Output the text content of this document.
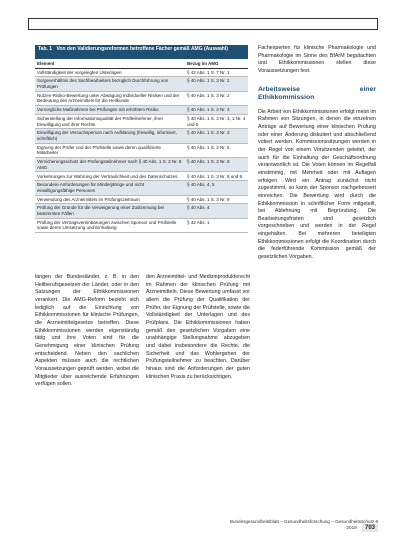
Tab. 1 Von den Validierungsreformen betroffene Fächer gemäß AMG (Auswahl)
Element	Bezug im AMG
Vollständigkeit der vorgelegten Unterlagen	§ 42 Abs. 1 S. 7 Nr. 1
Sorgeverhältnis des Sachbearbeiters bezüglich Durchführung von Prüfungen	§ 40 Abs. 1 S. 3 Nr. 2
Nutzen-Risiko-Bewertung unter Abwägung individueller Risiken und der Bedeutung des Arzneimittels für die Heilkunde	§ 40 Abs. 1 S. 3 Nr. 2
Vorsorgliche Maßnahmen bei Prüfungen mit erhöhtem Risiko	§ 40 Abs. 1 S. 3 Nr. 3
Sicherstellung der Informationsqualität der Prüfteilnehmer, ihrer Einwilligung und ihrer Rechte	§ 40 Abs. 1 S. 3 Nr. 3, 1 Nr. 4 und 5
Einwilligung der Versuchsperson nach Aufklärung (freiwillig, informiert, schriftlich)	§ 40 Abs. 1 S. 3 Nr. 3
Eignung der Prüfer und der Prüfstelle sowie deren qualifizierte Mitarbeiter	§ 40 Abs. 1 S. 3 Nr. 5
Versicherungsschutz der Prüfungsteilnehmer nach § 40 Abs. 1 S. 3 Nr. 8 AMG	§ 40 Abs. 1 S. 3 Nr. 8
Vorkehrungen zur Wahrung der Vertraulichkeit und des Datenschutzes	§ 40 Abs. 1 S. 3 Nr. 8 und 9
Besondere Anforderungen für Minderjährige und nicht einwilligungsfähige Personen	§ 40 Abs. 4, 5
Verwendung des Arzneimittels im Prüfungszeitraum	§ 40 Abs. 1 S. 3 Nr. 9
Prüfung der Gründe für die Verweigerung einer Zustimmung bei bestimmten Fällen	§ 40 Abs. 4
Prüfung der Vertragsvereinbarungen zwischen Sponsor und Prüfstelle sowie deren Umsetzung und Einhaltung	§ 42 Abs. 1

Fachexperten für klinische Pharmakologie und Pharmakologie im Sinne des BfArM begutachten und Ethikkommissionen stellen diese Voraussetzungen fest.

Arbeitsweise einer Ethikkommission

Die Arbeit von Ethikkommissionen erfolgt meist im Rahmen von Sitzungen, in denen die einzelnen Anträge auf Bewertung einer klinischen Prüfung oder einer Änderung diskutiert und abschließend votiert werden. Kommissionssitzungen werden in der Regel von einem Vorsitzenden geleitet, der auch für die Einhaltung der Geschäftsordnung verantwortlich ist. Die Voten können im Regelfall einstimmig, mit Mehrheit oder mit Auflagen erfolgen. Wird ein Antrag zunächst nicht zugestimmt, so kann der Sponsor nachgebessert einreichen. Die Bewertung wird durch die Ethikkommission in schriftlicher Form mitgeteilt, bei Ablehnung mit Begründung. Die Bearbeitungsfristen sind gesetzlich vorgeschrieben und werden in der Regel eingehalten. Bei mehreren beteiligten Ethikkommissionen erfolgt die Koordination durch die federführende Kommission gemäß der gesetzlichen Vorgaben.

längen der Bundesländer, z. B. in den Heilberufsgesetzen der Länder, oder in den Satzungen der Ethikkommissionen verankert. Die AMG-Reform bezieht sich lediglich auf die Einrichtung von Ethikkommissionen für klinische Prüfungen, die Arzneimittelgesetze betreffen. Diese Ethikkommissionen werden eigenständig tätig und ihre Voten sind für die Genehmigung einer klinischen Prüfung entscheidend. Neben den sachlichen Aspekten müssen auch die rechtlichen Voraussetzungen geprüft werden, wobei die Mitglieder über ausreichende Erfahrungen verfügen sollen.

den Arzneimittel- und Medizinprodukterecht im Rahmen der klinischen Prüfung mit Arzneimitteln. Diese Bewertung umfasst vor allem die Prüfung der Qualifikation der Prüfer, der Eignung der Prüfstelle, sowie die Vollständigkeit der Unterlagen und des Prüfplans. Die Ethikkommissionen haben gemäß den gesetzlichen Vorgaben eine unabhängige Stellungnahme abzugeben und dabei insbesondere die Rechte, die Sicherheit und das Wohlergehen der Prüfungsteilnehmer zu beachten. Darüber hinaus sind die Anforderungen der guten klinischen Praxis zu berücksichtigen.

Bundesgesundheitsblatt – Gesundheitsforschung – Gesundheitsschutz 6 · 2019 703
